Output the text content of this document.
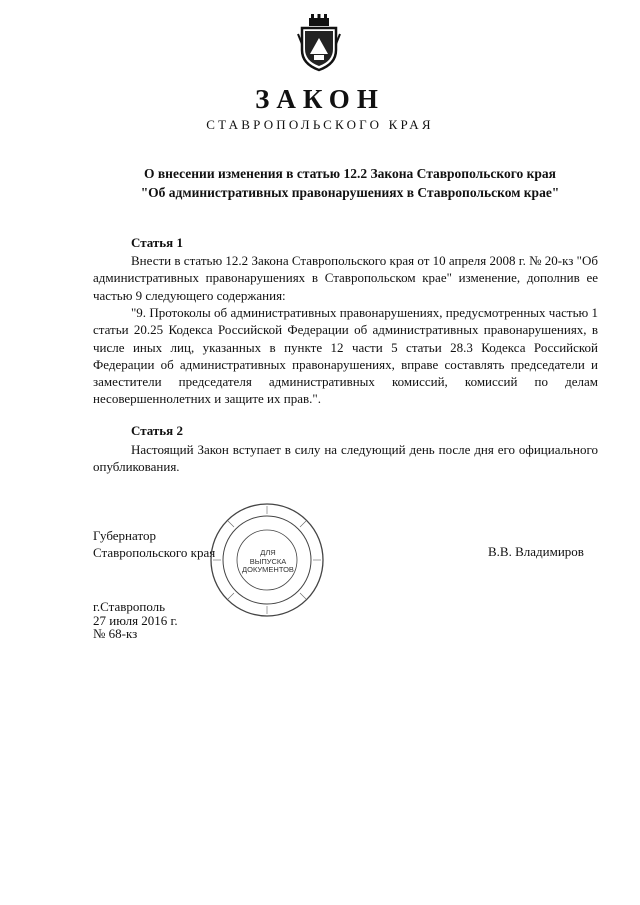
ЗАКОН
СТАВРОПОЛЬСКОГО КРАЯ
О внесении изменения в статью 12.2 Закона Ставропольского края
"Об административных правонарушениях в Ставропольском крае"
Статья 1
Внести в статью 12.2 Закона Ставропольского края от 10 апреля 2008 г. № 20-кз "Об административных правонарушениях в Ставропольском крае" изменение, дополнив ее частью 9 следующего содержания:
"9. Протоколы об административных правонарушениях, предусмотренных частью 1 статьи 20.25 Кодекса Российской Федерации об административных правонарушениях, в числе иных лиц, указанных в пункте 12 части 5 статьи 28.3 Кодекса Российской Федерации об административных правонарушениях, вправе составлять председатели и заместители председателя административных комиссий, комиссий по делам несовершеннолетних и защите их прав.".
Статья 2
Настоящий Закон вступает в силу на следующий день после дня его официального опубликования.
Губернатор
Ставропольского края	В.В. Владимиров
ДЛЯ
ВЫПУСКА
ДОКУМЕНТОВ
г.Ставрополь
27 июля 2016 г.
№ 68-кз
